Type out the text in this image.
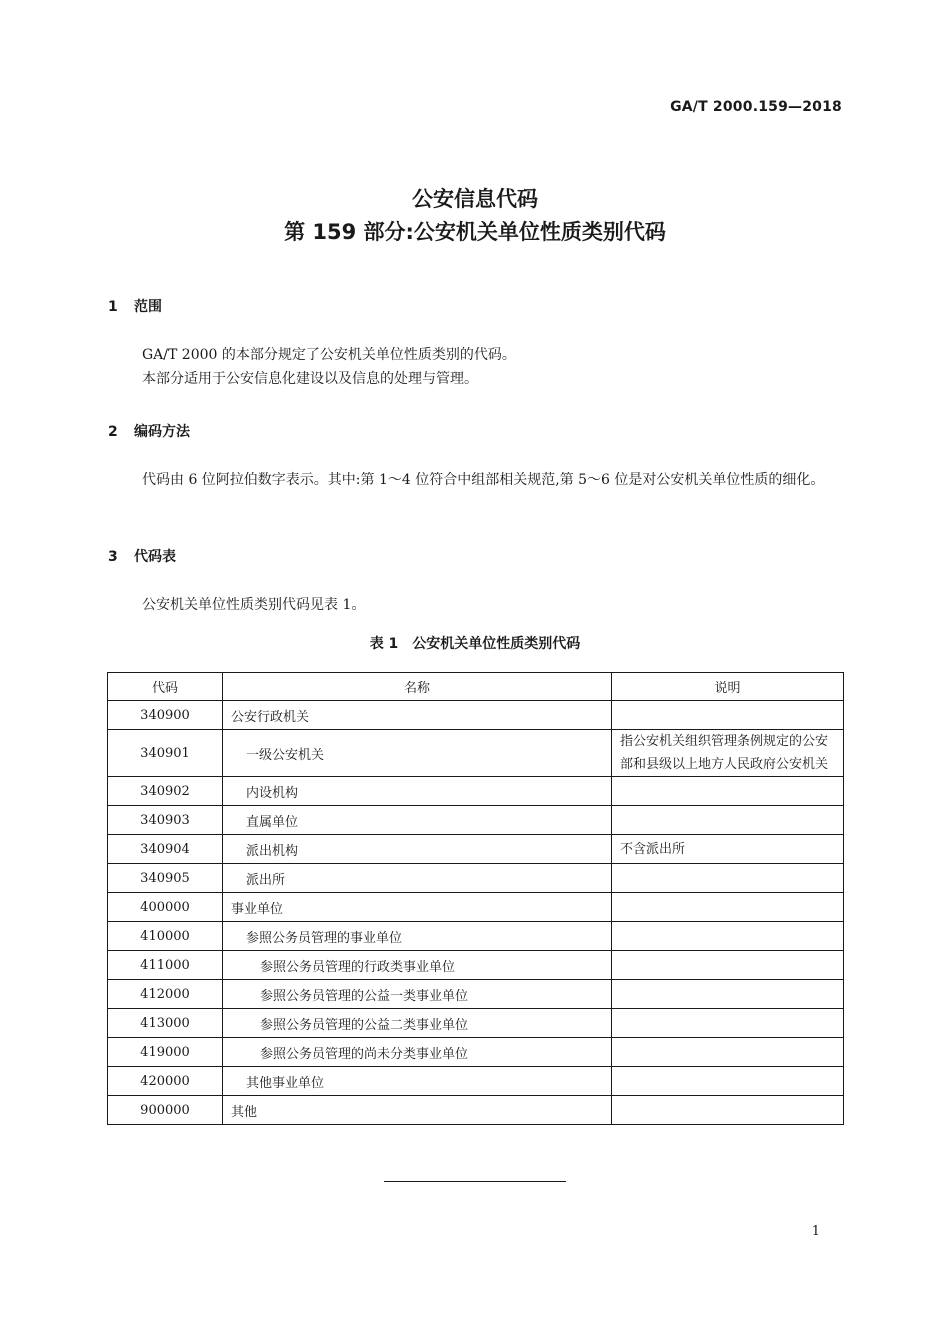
GA/T 2000.159—2018
公安信息代码
第 159 部分:公安机关单位性质类别代码
1 范围

GA/T 2000 的本部分规定了公安机关单位性质类别的代码。

本部分适用于公安信息化建设以及信息的处理与管理。

2 编码方法

代码由 6 位阿拉伯数字表示。其中:第 1～4 位符合中组部相关规范,第 5～6 位是对公安机关单位性质的细化。

3 代码表

公安机关单位性质类别代码见表 1。

表 1 公安机关单位性质类别代码
代码	名称	说明
340900	公安行政机关	
340901	一级公安机关	指公安机关组织管理条例规定的公安部和县级以上地方人民政府公安机关
340902	内设机构	
340903	直属单位	
340904	派出机构	不含派出所
340905	派出所	
400000	事业单位	
410000	参照公务员管理的事业单位	
411000	参照公务员管理的行政类事业单位	
412000	参照公务员管理的公益一类事业单位	
413000	参照公务员管理的公益二类事业单位	
419000	参照公务员管理的尚未分类事业单位	
420000	其他事业单位	
900000	其他	
1
